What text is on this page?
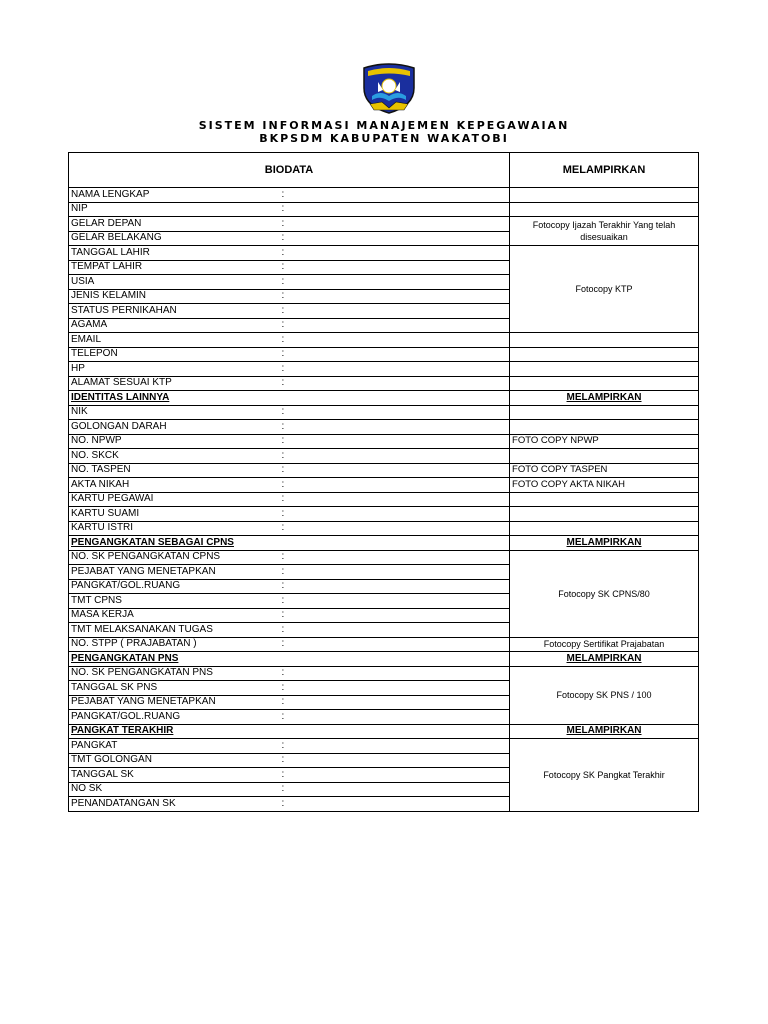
SISTEM INFORMASI MANAJEMEN KEPEGAWAIAN
BKPSDM KABUPATEN WAKATOBI
BIODATA		MELAMPIRKAN
NAMA LENGKAP	:	
NIP	:	
GELAR DEPAN	:	Fotocopy Ijazah Terakhir Yang telah disesuaikan
GELAR BELAKANG	:	
TANGGAL LAHIR	:	Fotocopy KTP
TEMPAT LAHIR	:	
USIA	:	
JENIS KELAMIN	:	
STATUS PERNIKAHAN	:	
AGAMA	:	
EMAIL	:	
TELEPON	:	
HP	:	
ALAMAT SESUAI KTP	:	
IDENTITAS LAINNYA		MELAMPIRKAN
NIK	:	
GOLONGAN DARAH	:	
NO. NPWP	:	FOTO COPY NPWP
NO. SKCK	:	
NO. TASPEN	:	FOTO COPY TASPEN
AKTA NIKAH	:	FOTO COPY AKTA NIKAH
KARTU PEGAWAI	:	
KARTU SUAMI	:	
KARTU ISTRI	:	
PENGANGKATAN SEBAGAI CPNS		MELAMPIRKAN
NO. SK PENGANGKATAN CPNS	:	Fotocopy SK CPNS/80
PEJABAT YANG MENETAPKAN	:	
PANGKAT/GOL.RUANG	:	
TMT CPNS	:	
MASA KERJA	:	
TMT MELAKSANAKAN TUGAS	:	
NO. STPP ( PRAJABATAN )	:	Fotocopy Sertifikat Prajabatan
PENGANGKATAN PNS		MELAMPIRKAN
NO. SK PENGANGKATAN PNS	:	Fotocopy SK PNS / 100
TANGGAL SK PNS	:	
PEJABAT YANG MENETAPKAN	:	
PANGKAT/GOL.RUANG	:	
PANGKAT TERAKHIR		MELAMPIRKAN
PANGKAT	:	Fotocopy SK Pangkat Terakhir
TMT GOLONGAN	:	
TANGGAL SK	:	
NO SK	:	
PENANDATANGAN SK	:	
